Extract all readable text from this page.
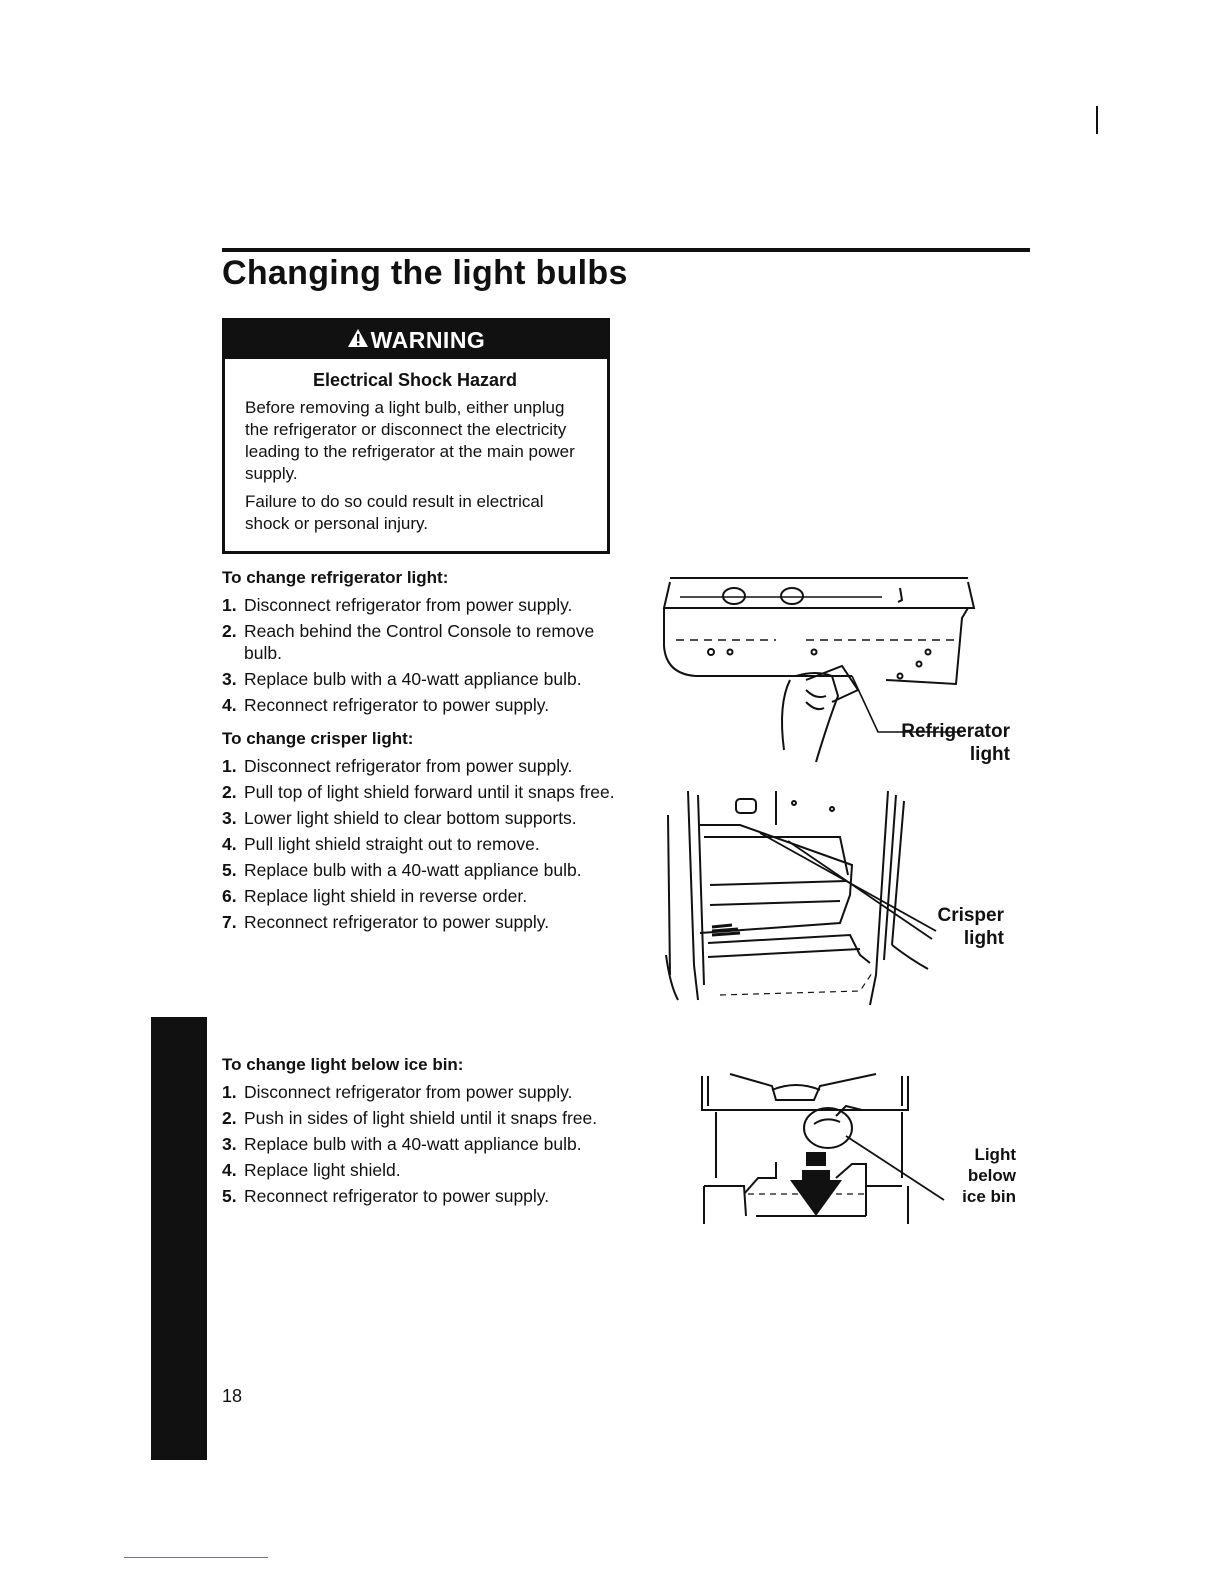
Changing the light bulbs
WARNING
Electrical Shock Hazard

Before removing a light bulb, either unplug the refrigerator or disconnect the electricity leading to the refrigerator at the main power supply.

Failure to do so could result in electrical shock or personal injury.

To change refrigerator light:
1. Disconnect refrigerator from power supply.
2. Reach behind the Control Console to remove bulb.
3. Replace bulb with a 40-watt appliance bulb.
4. Reconnect refrigerator to power supply.
To change crisper light:
1. Disconnect refrigerator from power supply.
2. Pull top of light shield forward until it snaps free.
3. Lower light shield to clear bottom supports.
4. Pull light shield straight out to remove.
5. Replace bulb with a 40-watt appliance bulb.
6. Replace light shield in reverse order.
7. Reconnect refrigerator to power supply.
To change light below ice bin:
1. Disconnect refrigerator from power supply.
2. Push in sides of light shield until it snaps free.
3. Replace bulb with a 40-watt appliance bulb.
4. Replace light shield.
5. Reconnect refrigerator to power supply.
Refrigerator
light
Crisper
light
Light
below
ice bin
18
